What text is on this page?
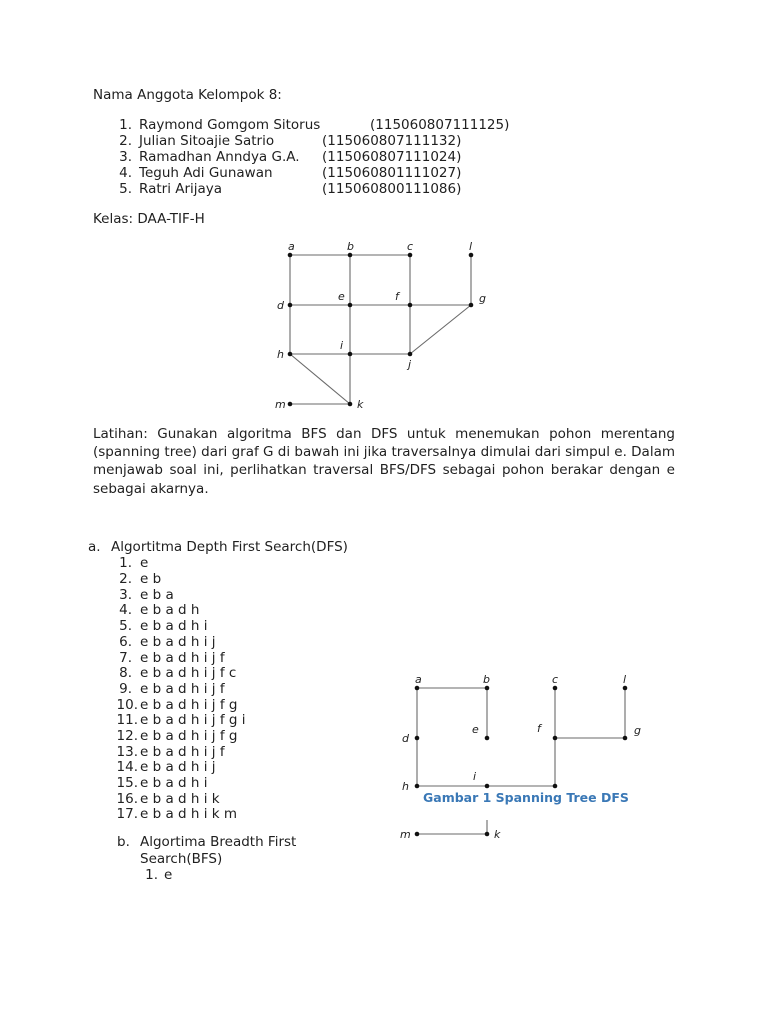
Nama Anggota Kelompok 8:
1. Raymond Gomgom Sitorus	(115060807111125)
2. Julian Sitoajie Satrio	(115060807111132)
3. Ramadhan Anndya G.A. (115060807111024)
4. Teguh Adi Gunawan	(115060801111027)
5. Ratri Arijaya	(115060800111086)
Kelas: DAA-TIF-H
a	b	c	l
d
e	f	g
h
i
j
m	k
Latihan: Gunakan algoritma BFS dan DFS untuk menemukan pohon merentang (spanning tree) dari graf G di bawah ini jika traversalnya dimulai dari simpul e. Dalam menjawab soal ini, perlihatkan traversal BFS/DFS sebagai pohon berakar dengan e sebagai akarnya.
a. Algortitma Depth First Search(DFS)
1. e
2. e b
3. e b a
4. e b a d h
5. e b a d h i
6. e b a d h i j
7. e b a d h i j f
8. e b a d h i j f c
9. e b a d h i j f
10. e b a d h i j f g
11. e b a d h i j f g i
12. e b a d h i j f g
13. e b a d h i j f
14. e b a d h i j
15. e b a d h i
16. e b a d h i k
17. e b a d h i k m
a	b	c	l
d
e	f	g
h
i
m	k
Gambar 1 Spanning Tree DFS
b. Algortima Breadth First
Search(BFS)
1. e
